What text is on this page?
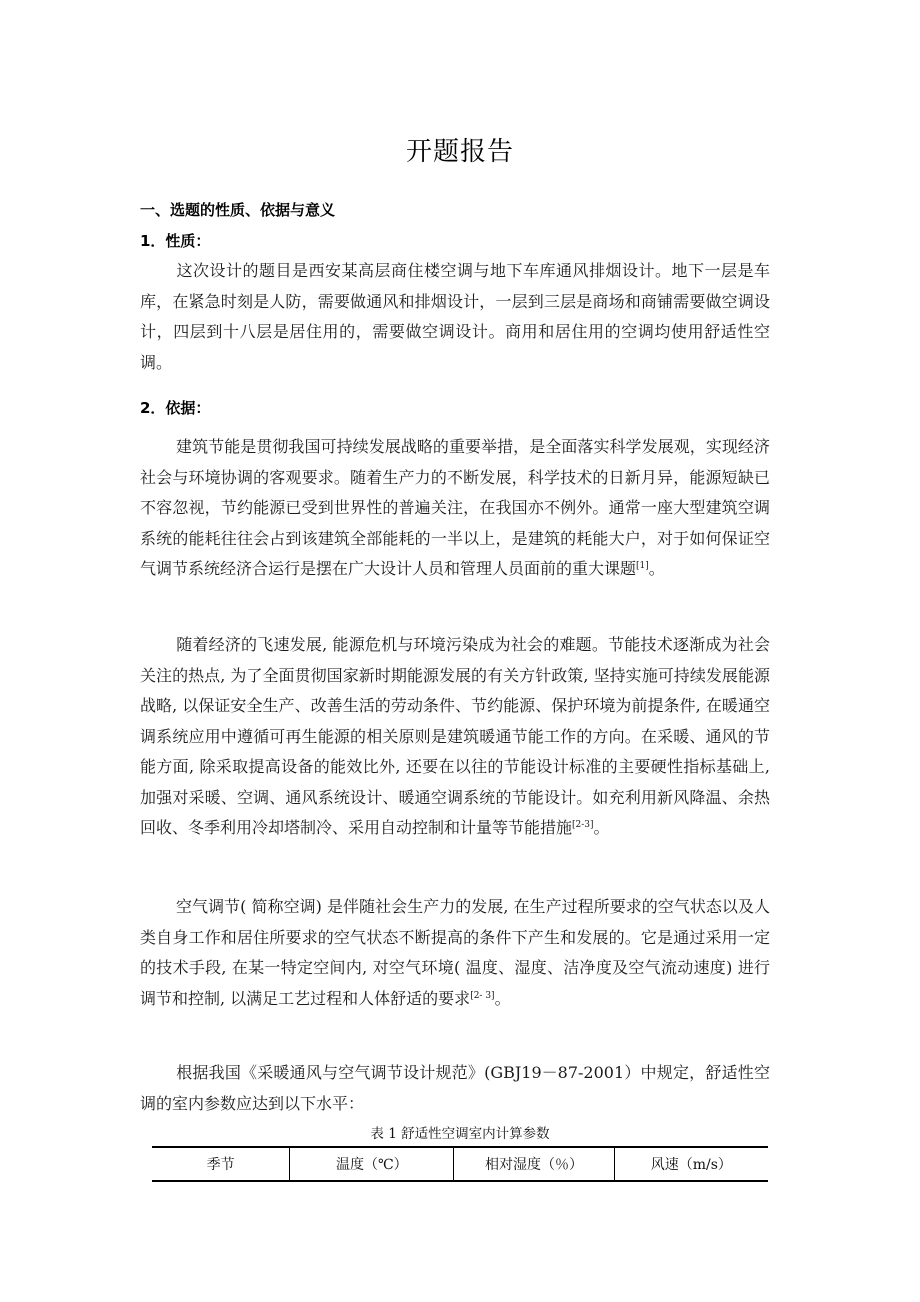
开题报告
一、选题的性质、依据与意义
1．性质：

这次设计的题目是西安某高层商住楼空调与地下车库通风排烟设计。地下一层是车库，在紧急时刻是人防，需要做通风和排烟设计，一层到三层是商场和商铺需要做空调设计，四层到十八层是居住用的，需要做空调设计。商用和居住用的空调均使用舒适性空调。

2．依据：

建筑节能是贯彻我国可持续发展战略的重要举措，是全面落实科学发展观，实现经济社会与环境协调的客观要求。随着生产力的不断发展，科学技术的日新月异，能源短缺已不容忽视，节约能源已受到世界性的普遍关注，在我国亦不例外。通常一座大型建筑空调系统的能耗往往会占到该建筑全部能耗的一半以上，是建筑的耗能大户，对于如何保证空气调节系统经济合运行是摆在广大设计人员和管理人员面前的重大课题[1]。

随着经济的飞速发展, 能源危机与环境污染成为社会的难题。节能技术逐渐成为社会关注的热点, 为了全面贯彻国家新时期能源发展的有关方针政策, 坚持实施可持续发展能源战略, 以保证安全生产、改善生活的劳动条件、节约能源、保护环境为前提条件, 在暖通空调系统应用中遵循可再生能源的相关原则是建筑暖通节能工作的方向。在采暖、通风的节能方面, 除采取提高设备的能效比外, 还要在以往的节能设计标准的主要硬性指标基础上, 加强对采暖、空调、通风系统设计、暖通空调系统的节能设计。如充利用新风降温、余热回收、冬季利用冷却塔制冷、采用自动控制和计量等节能措施[2-3]。

空气调节( 简称空调) 是伴随社会生产力的发展, 在生产过程所要求的空气状态以及人类自身工作和居住所要求的空气状态不断提高的条件下产生和发展的。它是通过采用一定的技术手段, 在某一特定空间内, 对空气环境( 温度、湿度、洁净度及空气流动速度) 进行调节和控制, 以满足工艺过程和人体舒适的要求[2- 3]。

根据我国《采暖通风与空气调节设计规范》(GBJ19－87-2001）中规定，舒适性空调的室内参数应达到以下水平：

表 1 舒适性空调室内计算参数
季节	温度（℃）	相对湿度（％）	风速（m/s）
